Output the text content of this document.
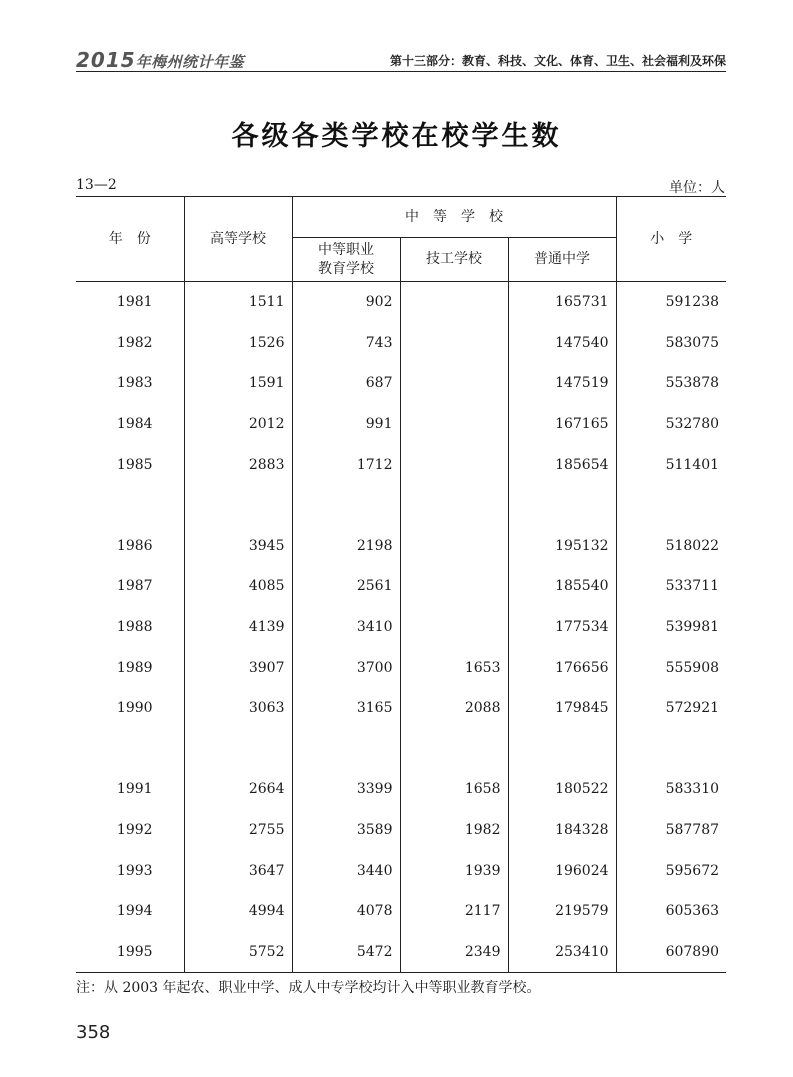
2015年梅州统计年鉴	第十三部分：教育、科技、文化、体育、卫生、社会福利及环保
各级各类学校在校学生数
13—2	单位：人
年　份	高等学校	中　等　学　校			小　学
		中等职业
教育学校	技工学校	普通中学	
1981	1511	902		165731	591238
1982	1526	743		147540	583075
1983	1591	687		147519	553878
1984	2012	991		167165	532780
1985	2883	1712		185654	511401

1986	3945	2198		195132	518022
1987	4085	2561		185540	533711
1988	4139	3410		177534	539981
1989	3907	3700	1653	176656	555908
1990	3063	3165	2088	179845	572921

1991	2664	3399	1658	180522	583310
1992	2755	3589	1982	184328	587787
1993	3647	3440	1939	196024	595672
1994	4994	4078	2117	219579	605363
1995	5752	5472	2349	253410	607890
注：从 2003 年起农、职业中学、成人中专学校均计入中等职业教育学校。
358
